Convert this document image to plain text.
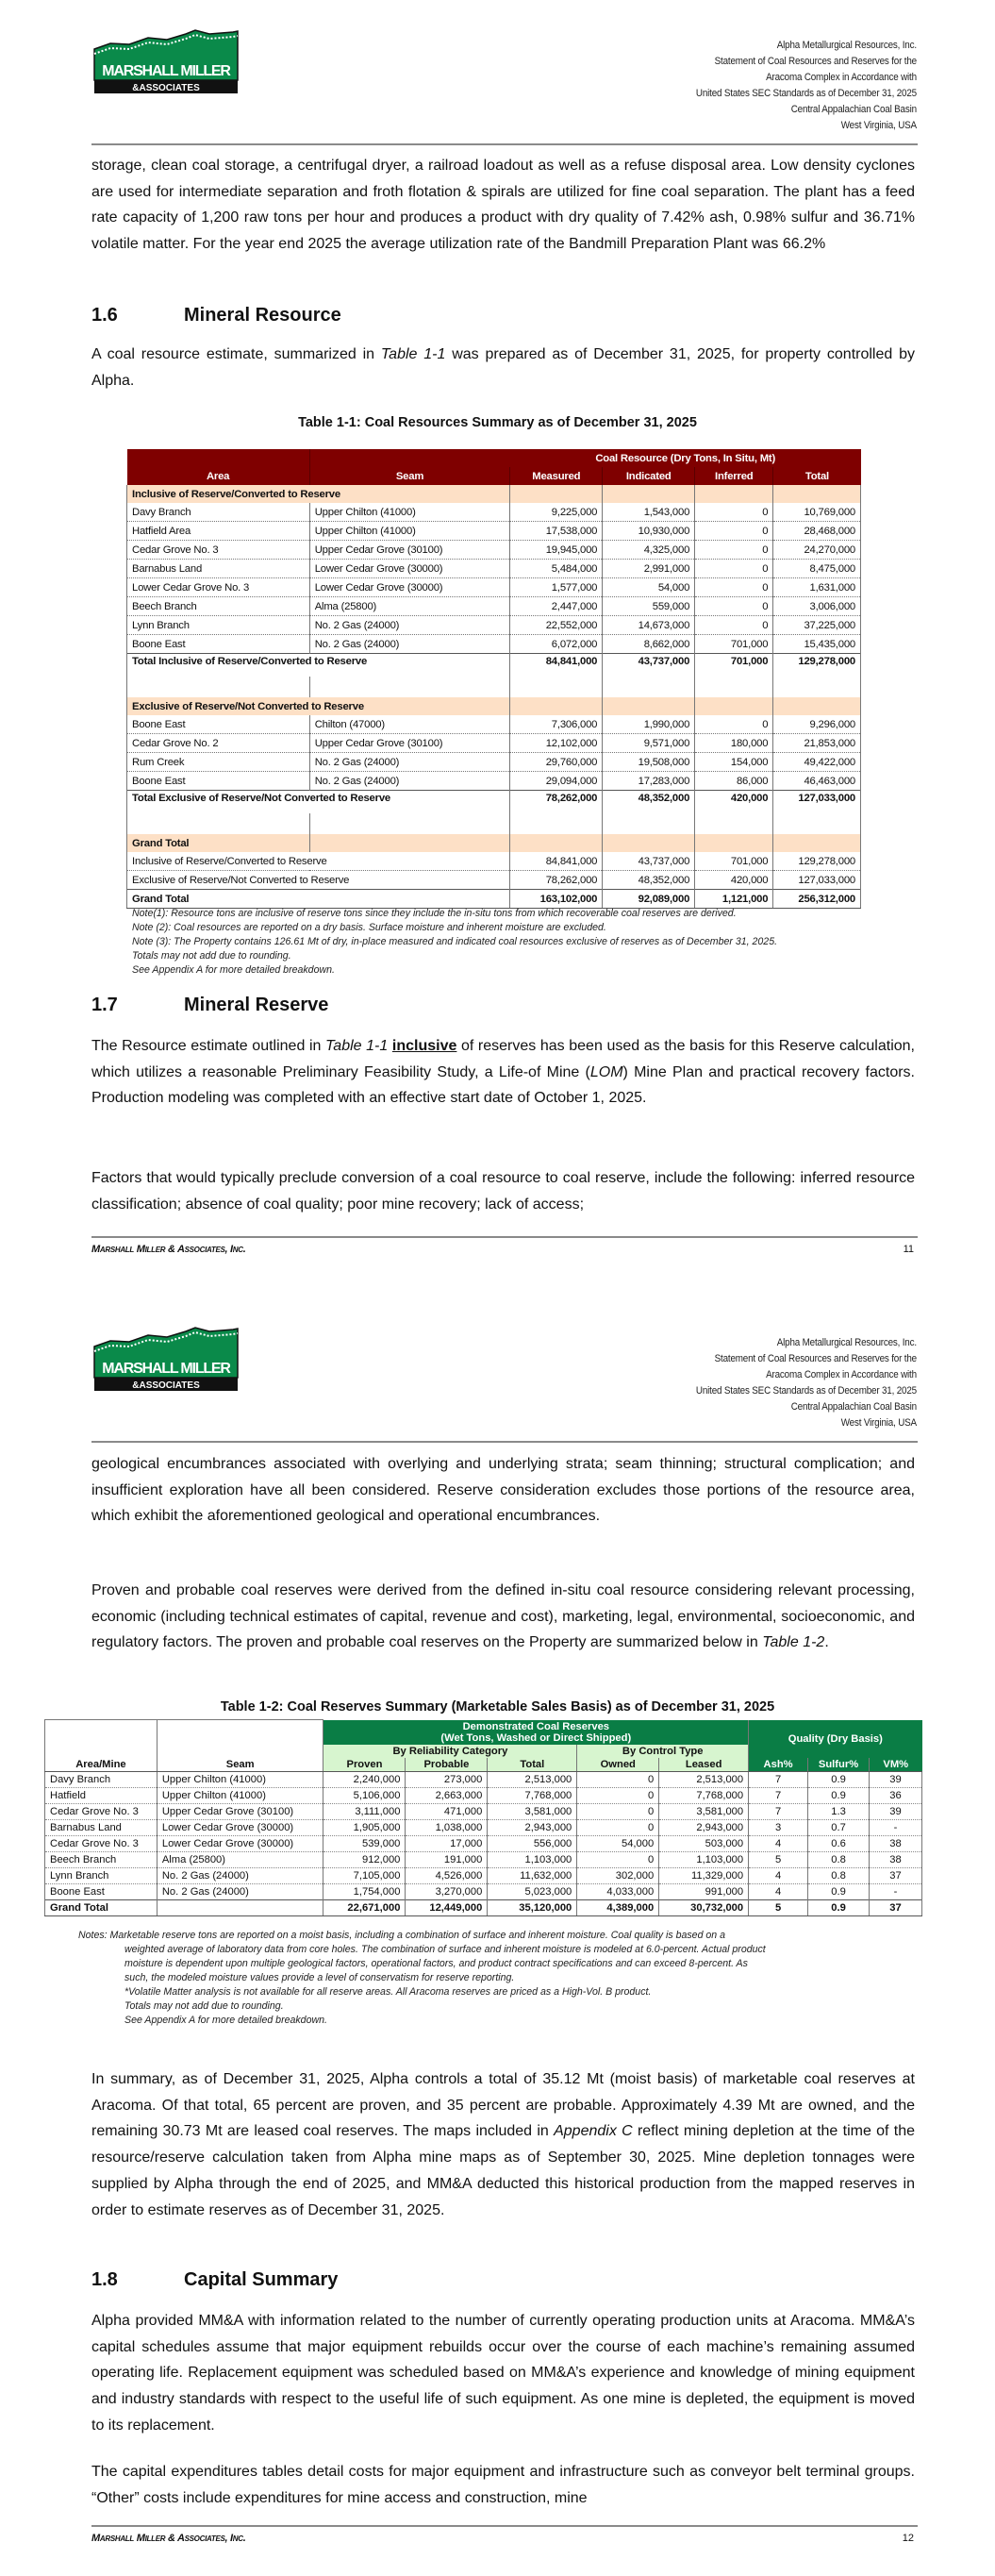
MARSHALL MILLER
&ASSOCIATES
Alpha Metallurgical Resources, Inc.
Statement of Coal Resources and Reserves for the
Aracoma Complex in Accordance with
United States SEC Standards as of December 31, 2025
Central Appalachian Coal Basin
West Virginia, USA

storage, clean coal storage, a centrifugal dryer, a railroad loadout as well as a refuse disposal area. Low density cyclones are used for intermediate separation and froth flotation & spirals are utilized for fine coal separation. The plant has a feed rate capacity of 1,200 raw tons per hour and produces a product with dry quality of 7.42% ash, 0.98% sulfur and 36.71% volatile matter. For the year end 2025 the average utilization rate of the Bandmill Preparation Plant was 66.2%

1.6	Mineral Resource

A coal resource estimate, summarized in Table 1-1 was prepared as of December 31, 2025, for property controlled by Alpha.

Table 1-1: Coal Resources Summary as of December 31, 2025
		Coal Resource (Dry Tons, In Situ, Mt)			
Area	Seam	Measured	Indicated	Inferred	Total
Inclusive of Reserve/Converted to Reserve					
Davy Branch	Upper Chilton (41000)	9,225,000	1,543,000	0	10,769,000
Hatfield Area	Upper Chilton (41000)	17,538,000	10,930,000	0	28,468,000
Cedar Grove No. 3	Upper Cedar Grove (30100)	19,945,000	4,325,000	0	24,270,000
Barnabus Land	Lower Cedar Grove (30000)	5,484,000	2,991,000	0	8,475,000
Lower Cedar Grove No. 3	Lower Cedar Grove (30000)	1,577,000	54,000	0	1,631,000
Beech Branch	Alma (25800)	2,447,000	559,000	0	3,006,000
Lynn Branch	No. 2 Gas (24000)	22,552,000	14,673,000	0	37,225,000
Boone East	No. 2 Gas (24000)	6,072,000	8,662,000	701,000	15,435,000
Total Inclusive of Reserve/Converted to Reserve		84,841,000	43,737,000	701,000	129,278,000

Exclusive of Reserve/Not Converted to Reserve					
Boone East	Chilton (47000)	7,306,000	1,990,000	0	9,296,000
Cedar Grove No. 2	Upper Cedar Grove (30100)	12,102,000	9,571,000	180,000	21,853,000
Rum Creek	No. 2 Gas (24000)	29,760,000	19,508,000	154,000	49,422,000
Boone East	No. 2 Gas (24000)	29,094,000	17,283,000	86,000	46,463,000
Total Exclusive of Reserve/Not Converted to Reserve		78,262,000	48,352,000	420,000	127,033,000

Grand Total					
Inclusive of Reserve/Converted to Reserve		84,841,000	43,737,000	701,000	129,278,000
Exclusive of Reserve/Not Converted to Reserve		78,262,000	48,352,000	420,000	127,033,000
Grand Total		163,102,000	92,089,000	1,121,000	256,312,000
Note(1): Resource tons are inclusive of reserve tons since they include the in-situ tons from which recoverable coal reserves are derived.
Note (2): Coal resources are reported on a dry basis. Surface moisture and inherent moisture are excluded.
Note (3): The Property contains 126.61 Mt of dry, in-place measured and indicated coal resources exclusive of reserves as of December 31, 2025.
Totals may not add due to rounding.
See Appendix A for more detailed breakdown.
1.7	Mineral Reserve

The Resource estimate outlined in Table 1-1 inclusive of reserves has been used as the basis for this Reserve calculation, which utilizes a reasonable Preliminary Feasibility Study, a Life-of Mine (LOM) Mine Plan and practical recovery factors. Production modeling was completed with an effective start date of October 1, 2025.

Factors that would typically preclude conversion of a coal resource to coal reserve, include the following: inferred resource classification; absence of coal quality; poor mine recovery; lack of access;

Marshall Miller & Associates, Inc.	11
MARSHALL MILLER
&ASSOCIATES
Alpha Metallurgical Resources, Inc.
Statement of Coal Resources and Reserves for the
Aracoma Complex in Accordance with
United States SEC Standards as of December 31, 2025
Central Appalachian Coal Basin
West Virginia, USA

geological encumbrances associated with overlying and underlying strata; seam thinning; structural complication; and insufficient exploration have all been considered. Reserve consideration excludes those portions of the resource area, which exhibit the aforementioned geological and operational encumbrances.

Proven and probable coal reserves were derived from the defined in-situ coal resource considering relevant processing, economic (including technical estimates of capital, revenue and cost), marketing, legal, environmental, socioeconomic, and regulatory factors. The proven and probable coal reserves on the Property are summarized below in Table 1-2.

Table 1-2: Coal Reserves Summary (Marketable Sales Basis) as of December 31, 2025

		Demonstrated Coal Reserves
(Wet Tons, Washed or Direct Shipped)					Quality (Dry Basis)		
		By Reliability Category			By Control Type				
Area/Mine	Seam	Proven	Probable	Total	Owned	Leased	Ash%	Sulfur%	VM%
Davy Branch	Upper Chilton (41000)	2,240,000	273,000	2,513,000	0	2,513,000	7	0.9	39
Hatfield	Upper Chilton (41000)	5,106,000	2,663,000	7,768,000	0	7,768,000	7	0.9	36
Cedar Grove No. 3	Upper Cedar Grove (30100)	3,111,000	471,000	3,581,000	0	3,581,000	7	1.3	39
Barnabus Land	Lower Cedar Grove (30000)	1,905,000	1,038,000	2,943,000	0	2,943,000	3	0.7	-
Cedar Grove No. 3	Lower Cedar Grove (30000)	539,000	17,000	556,000	54,000	503,000	4	0.6	38
Beech Branch	Alma (25800)	912,000	191,000	1,103,000	0	1,103,000	5	0.8	38
Lynn Branch	No. 2 Gas (24000)	7,105,000	4,526,000	11,632,000	302,000	11,329,000	4	0.8	37
Boone East	No. 2 Gas (24000)	1,754,000	3,270,000	5,023,000	4,033,000	991,000	4	0.9	-
Grand Total		22,671,000	12,449,000	35,120,000	4,389,000	30,732,000	5	0.9	37
Notes: Marketable reserve tons are reported on a moist basis, including a combination of surface and inherent moisture. Coal quality is based on a
weighted average of laboratory data from core holes. The combination of surface and inherent moisture is modeled at 6.0-percent. Actual product
moisture is dependent upon multiple geological factors, operational factors, and product contract specifications and can exceed 8-percent. As
such, the modeled moisture values provide a level of conservatism for reserve reporting.
*Volatile Matter analysis is not available for all reserve areas. All Aracoma reserves are priced as a High-Vol. B product.
Totals may not add due to rounding.
See Appendix A for more detailed breakdown.

In summary, as of December 31, 2025, Alpha controls a total of 35.12 Mt (moist basis) of marketable coal reserves at Aracoma. Of that total, 65 percent are proven, and 35 percent are probable. Approximately 4.39 Mt are owned, and the remaining 30.73 Mt are leased coal reserves. The maps included in Appendix C reflect mining depletion at the time of the resource/reserve calculation taken from Alpha mine maps as of September 30, 2025. Mine depletion tonnages were supplied by Alpha through the end of 2025, and MM&A deducted this historical production from the mapped reserves in order to estimate reserves as of December 31, 2025.

1.8	Capital Summary

Alpha provided MM&A with information related to the number of currently operating production units at Aracoma. MM&A’s capital schedules assume that major equipment rebuilds occur over the course of each machine’s remaining assumed operating life. Replacement equipment was scheduled based on MM&A’s experience and knowledge of mining equipment and industry standards with respect to the useful life of such equipment. As one mine is depleted, the equipment is moved to its replacement.

The capital expenditures tables detail costs for major equipment and infrastructure such as conveyor belt terminal groups. “Other” costs include expenditures for mine access and construction, mine

Marshall Miller & Associates, Inc.	12
